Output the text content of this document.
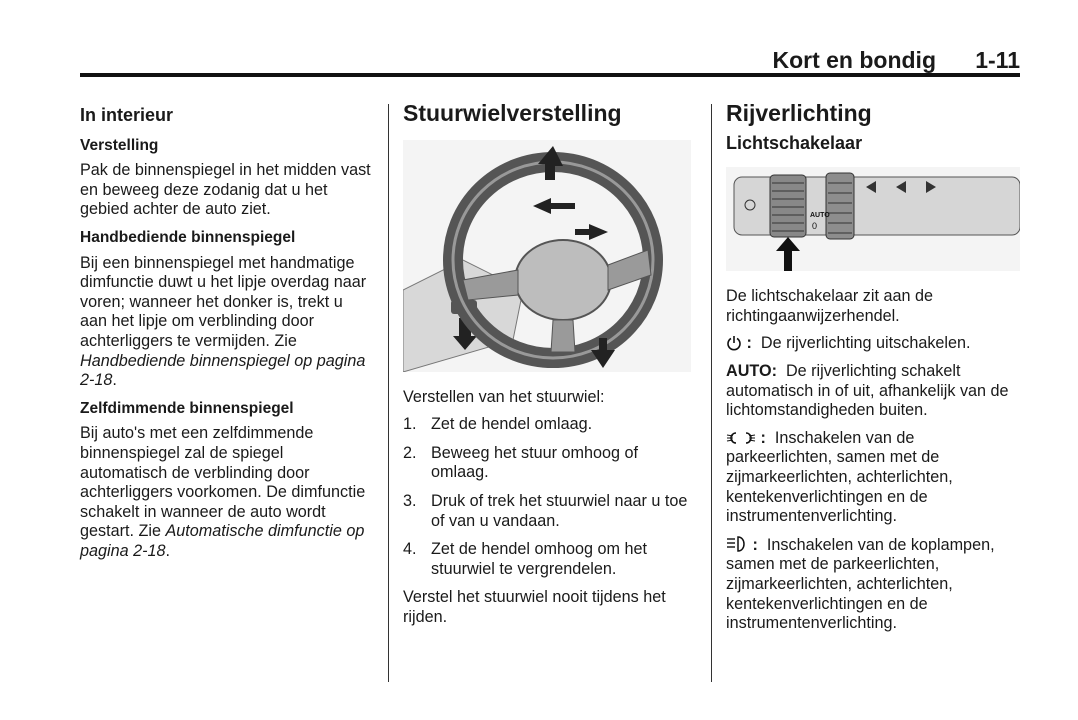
Kort en bondig 1-11
In interieur
Verstelling

Pak de binnenspiegel in het midden vast en beweeg deze zodanig dat u het gebied achter de auto ziet.

Handbediende binnenspiegel

Bij een binnenspiegel met handmatige dimfunctie duwt u het lipje overdag naar voren; wanneer het donker is, trekt u aan het lipje om verblinding door achterliggers te vermijden. Zie Handbediende binnenspiegel op pagina 2-18.

Zelfdimmende binnenspiegel

Bij auto's met een zelfdimmende binnenspiegel zal de spiegel automatisch de verblinding door achterliggers voorkomen. De dimfunctie schakelt in wanneer de auto wordt gestart. Zie Automatische dimfunctie op pagina 2-18.

Stuurwielverstelling

Verstellen van het stuurwiel:

1. Zet de hendel omlaag.
2. Beweeg het stuur omhoog of omlaag.
3. Druk of trek het stuurwiel naar u toe of van u vandaan.
4. Zet de hendel omhoog om het stuurwiel te vergrendelen.

Verstel het stuurwiel nooit tijdens het rijden.

Rijverlichting
Lichtschakelaar
AUTO
0

De lichtschakelaar zit aan de richtingaanwijzerhendel.

: De rijverlichting uitschakelen.

AUTO: De rijverlichting schakelt automatisch in of uit, afhankelijk van de lichtomstandigheden buiten.

: Inschakelen van de parkeerlichten, samen met de zijmarkeerlichten, achterlichten, kentekenverlichtingen en de instrumentenverlichting.

: Inschakelen van de koplampen, samen met de parkeerlichten, zijmarkeerlichten, achterlichten, kentekenverlichtingen en de instrumentenverlichting.
